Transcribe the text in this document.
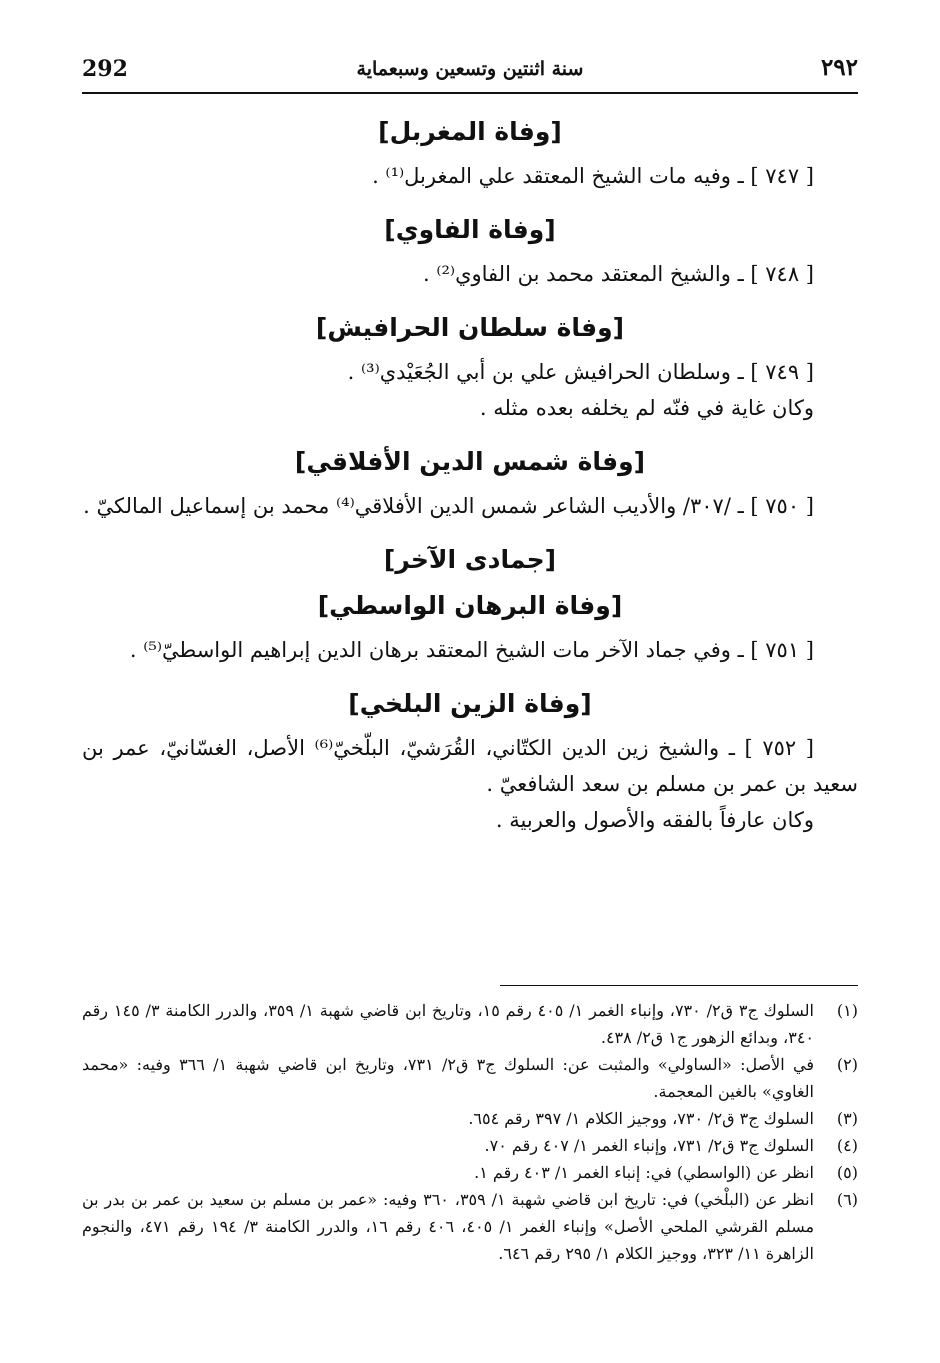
292	سنة اثنتين وتسعين وسبعماية	٢٩٢
[وفاة المغربل]

[ ٧٤٧ ] ـ وفيه مات الشيخ المعتقد علي المغربل⁽¹⁾ .

[وفاة الفاوي]

[ ٧٤٨ ] ـ والشيخ المعتقد محمد بن الفاوي⁽²⁾ .

[وفاة سلطان الحرافيش]

[ ٧٤٩ ] ـ وسلطان الحرافيش علي بن أبي الجُعَيْدي⁽³⁾ .

وكان غاية في فنّه لم يخلفه بعده مثله .

[وفاة شمس الدين الأفلاقي]

[ ٧٥٠ ] ـ /٣٠٧/ والأديب الشاعر شمس الدين الأفلاقي⁽⁴⁾ محمد بن إسماعيل المالكيّ .

[جمادى الآخر]
[وفاة البرهان الواسطي]

[ ٧٥١ ] ـ وفي جماد الآخر مات الشيخ المعتقد برهان الدين إبراهيم الواسطيّ⁽⁵⁾ .

[وفاة الزين البلخي]

[ ٧٥٢ ] ـ والشيخ زين الدين الكتّاني، القُرَشيّ، البلّخيّ⁽⁶⁾ الأصل، الغسّانيّ، عمر بن سعيد بن عمر بن مسلم بن سعد الشافعيّ .

وكان عارفاً بالفقه والأصول والعربية .

(١)
السلوك ج٣ ق٢/ ٧٣٠، وإنباء الغمر ١/ ٤٠٥ رقم ١٥، وتاريخ ابن قاضي شهبة ١/ ٣٥٩، والدرر الكامنة ٣/ ١٤٥ رقم ٣٤٠، وبدائع الزهور ج١ ق٢/ ٤٣٨.
(٢)
في الأصل: «الساولي» والمثبت عن: السلوك ج٣ ق٢/ ٧٣١، وتاريخ ابن قاضي شهبة ١/ ٣٦٦ وفيه: «محمد الغاوي» بالغين المعجمة.
(٣)
السلوك ج٣ ق٢/ ٧٣٠، ووجيز الكلام ١/ ٣٩٧ رقم ٦٥٤.
(٤)
السلوك ج٣ ق٢/ ٧٣١، وإنباء الغمر ١/ ٤٠٧ رقم ٧٠.
(٥)
انظر عن (الواسطي) في: إنباء الغمر ١/ ٤٠٣ رقم ١.
(٦)
انظر عن (البلْخي) في: تاريخ ابن قاضي شهبة ١/ ٣٥٩، ٣٦٠ وفيه: «عمر بن مسلم بن سعيد بن عمر بن بدر بن مسلم القرشي الملحي الأصل» وإنباء الغمر ١/ ٤٠٥، ٤٠٦ رقم ١٦، والدرر الكامنة ٣/ ١٩٤ رقم ٤٧١، والنجوم الزاهرة ١١/ ٣٢٣، ووجيز الكلام ١/ ٢٩٥ رقم ٦٤٦.
